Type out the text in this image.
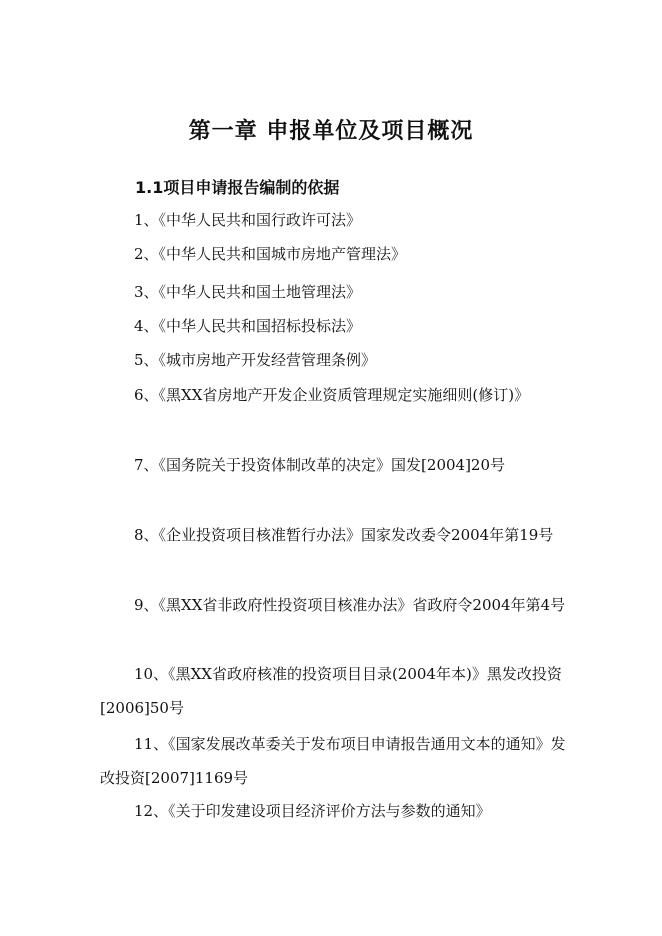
第一章 申报单位及项目概况
1.1项目申请报告编制的依据
1、《中华人民共和国行政许可法》
2、《中华人民共和国城市房地产管理法》
3、《中华人民共和国土地管理法》
4、《中华人民共和国招标投标法》
5、《城市房地产开发经营管理条例》
6、《黑XX省房地产开发企业资质管理规定实施细则(修订)》
7、《国务院关于投资体制改革的决定》国发[2004]20号
8、《企业投资项目核准暂行办法》国家发改委令2004年第19号
9、《黑XX省非政府性投资项目核准办法》省政府令2004年第4号
10、《黑XX省政府核准的投资项目目录(2004年本)》黑发改投资[2006]50号
11、《国家发展改革委关于发布项目申请报告通用文本的通知》发改投资[2007]1169号
12、《关于印发建设项目经济评价方法与参数的通知》
